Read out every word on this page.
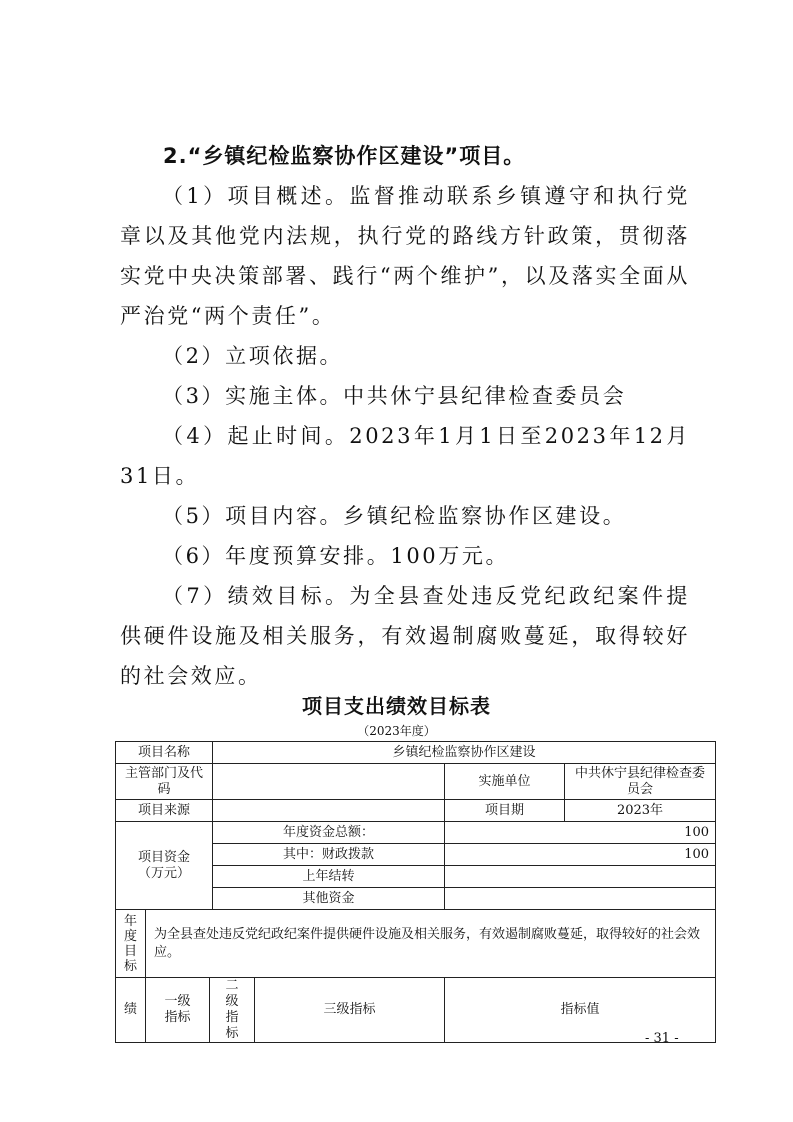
2.“乡镇纪检监察协作区建设”项目。

（1）项目概述。监督推动联系乡镇遵守和执行党章以及其他党内法规，执行党的路线方针政策，贯彻落实党中央决策部署、践行“两个维护”，以及落实全面从严治党“两个责任”。

（2）立项依据。

（3）实施主体。中共休宁县纪律检查委员会

（4）起止时间。2023年1月1日至2023年12月31日。

（5）项目内容。乡镇纪检监察协作区建设。

（6）年度预算安排。100万元。

（7）绩效目标。为全县查处违反党纪政纪案件提供硬件设施及相关服务，有效遏制腐败蔓延，取得较好的社会效应。

项目支出绩效目标表
（2023年度）
项目名称			乡镇纪检监察协作区建设			
主管部门及代码					实施单位	中共休宁县纪律检查委员会
项目来源					项目期	2023年
项目资金（万元）			年度资金总额：		100	
			其中：财政拨款		100	
			上年结转			
			其他资金			
年度目标	为全县查处违反党纪政纪案件提供硬件设施及相关服务，有效遏制腐败蔓延，取得较好的社会效应。					
绩	一级指标	二级指标		三级指标	指标值	
- 31 -
